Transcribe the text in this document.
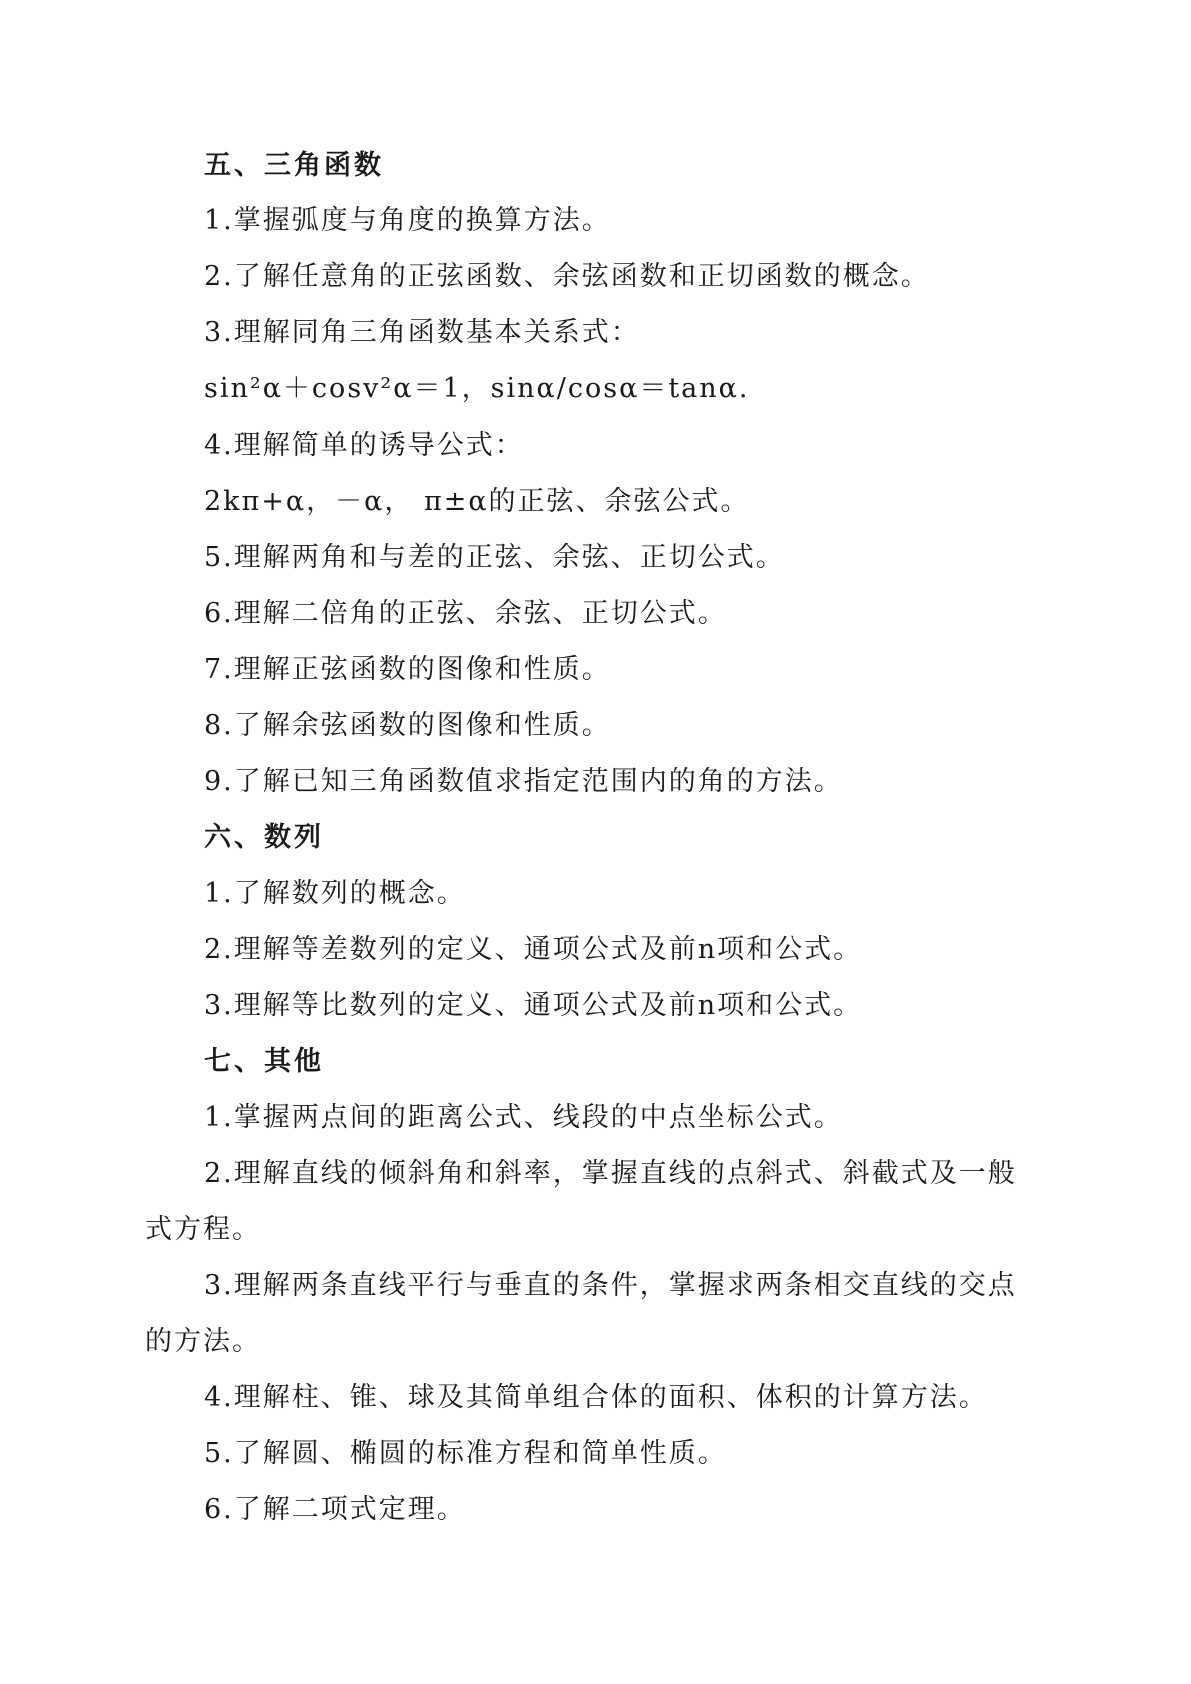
五、三角函数
1.掌握弧度与角度的换算方法。
2.了解任意角的正弦函数、余弦函数和正切函数的概念。
3.理解同角三角函数基本关系式：
sin²α＋cosv²α＝1，sinα/cosα＝tanα.
4.理解简单的诱导公式：
2kπ+α，－α， π±α的正弦、余弦公式。
5.理解两角和与差的正弦、余弦、正切公式。
6.理解二倍角的正弦、余弦、正切公式。
7.理解正弦函数的图像和性质。
8.了解余弦函数的图像和性质。
9.了解已知三角函数值求指定范围内的角的方法。
六、数列
1.了解数列的概念。
2.理解等差数列的定义、通项公式及前n项和公式。
3.理解等比数列的定义、通项公式及前n项和公式。
七、其他
1.掌握两点间的距离公式、线段的中点坐标公式。
2.理解直线的倾斜角和斜率，掌握直线的点斜式、斜截式及一般
式方程。
3.理解两条直线平行与垂直的条件，掌握求两条相交直线的交点
的方法。
4.理解柱、锥、球及其简单组合体的面积、体积的计算方法。
5.了解圆、椭圆的标准方程和简单性质。
6.了解二项式定理。
